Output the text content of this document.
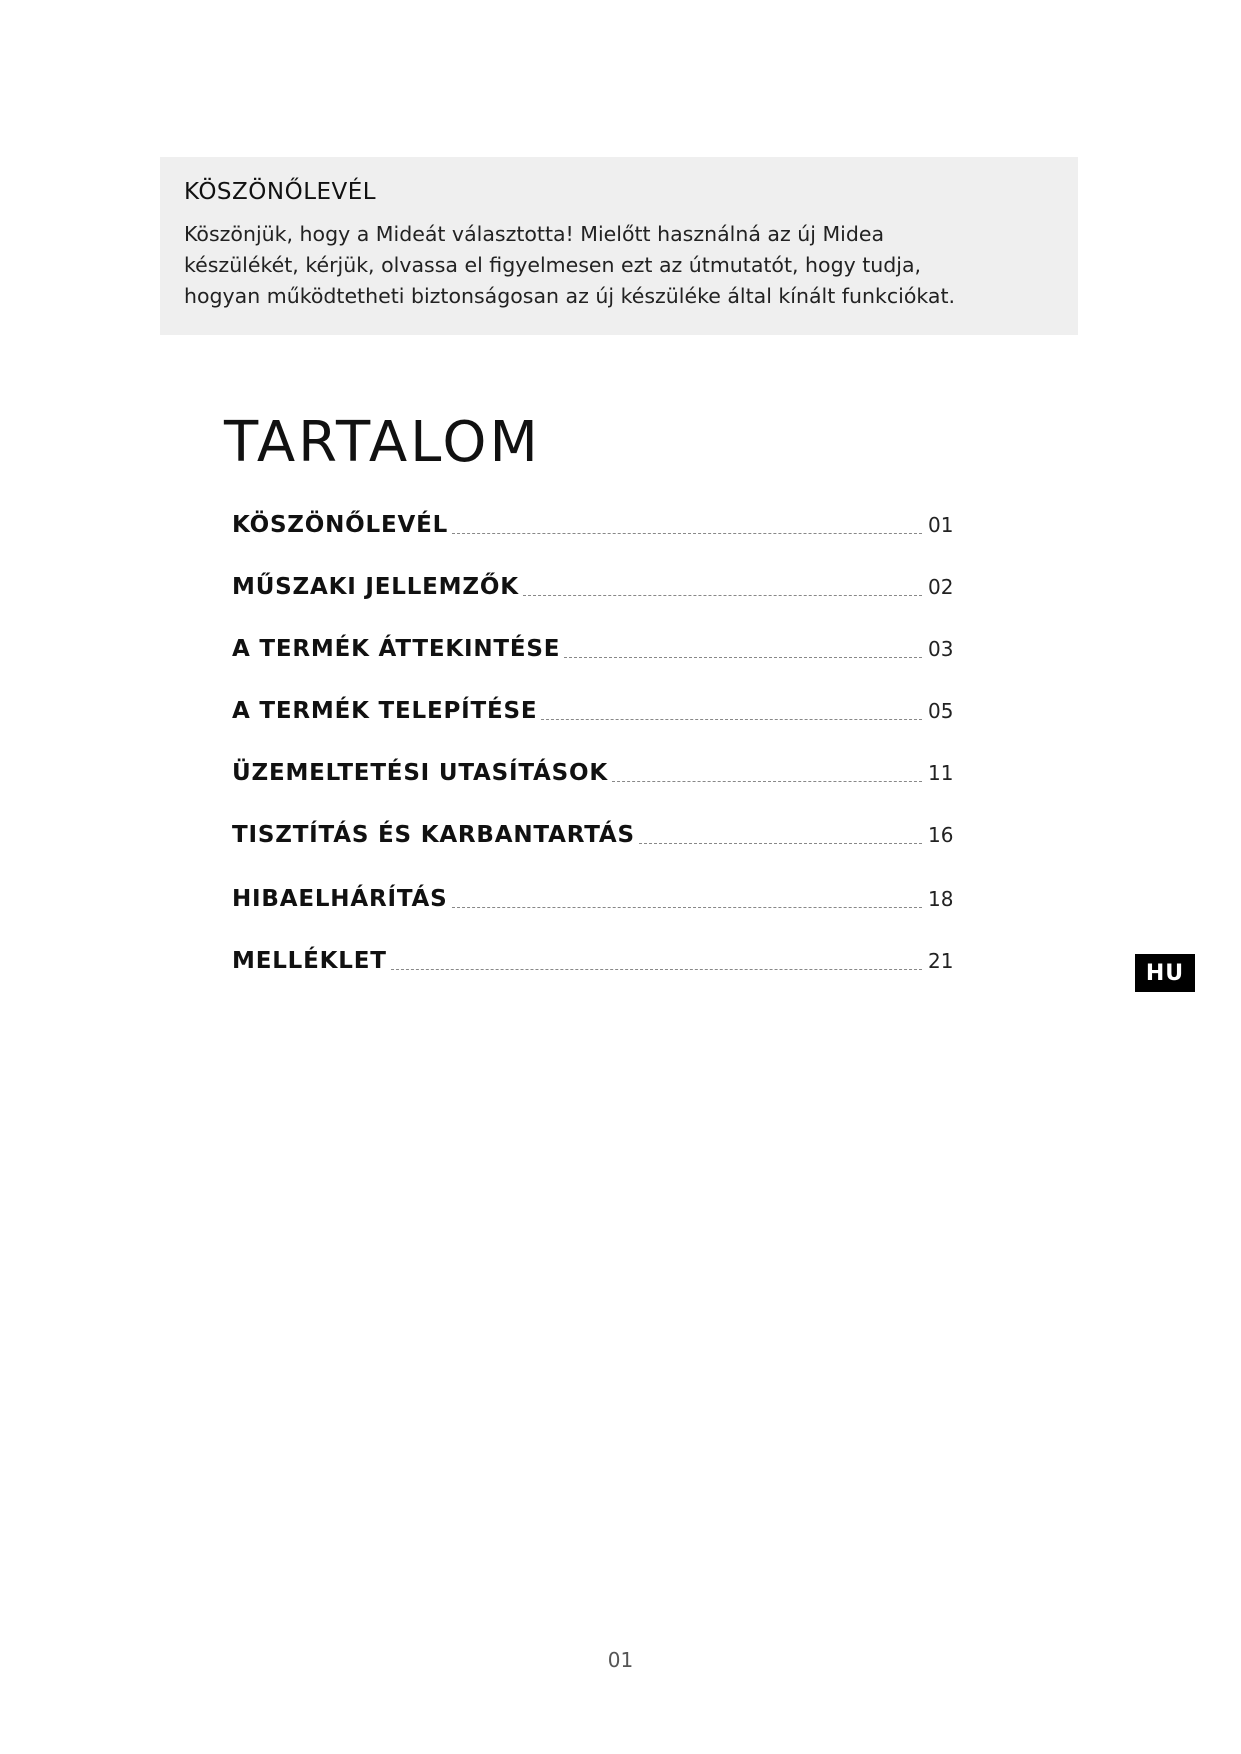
KÖSZÖNŐLEVÉL

Köszönjük, hogy a Mideát választotta! Mielőtt használná az új Midea
készülékét, kérjük, olvassa el figyelmesen ezt az útmutatót, hogy tudja,
hogyan működtetheti biztonságosan az új készüléke által kínált funkciókat.

TARTALOM
KÖSZÖNŐLEVÉL	01
MŰSZAKI JELLEMZŐK	02
A TERMÉK ÁTTEKINTÉSE	03
A TERMÉK TELEPÍTÉSE	05
ÜZEMELTETÉSI UTASÍTÁSOK	11
TISZTÍTÁS ÉS KARBANTARTÁS	16
HIBAELHÁRÍTÁS	18
MELLÉKLET	21	HU
01
